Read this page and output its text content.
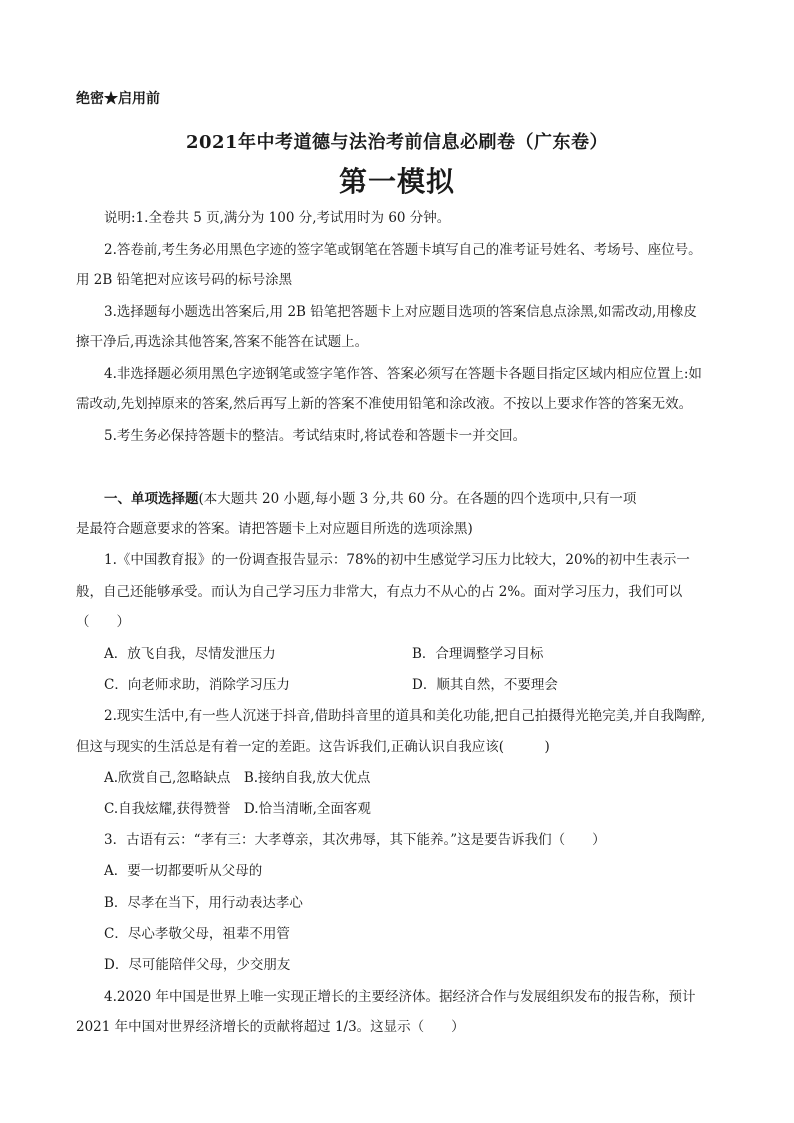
绝密★启用前
2021年中考道德与法治考前信息必刷卷（广东卷）
第一模拟
说明:1.全卷共 5 页,满分为 100 分,考试用时为 60 分钟。
2.答卷前,考生务必用黑色字迹的签字笔或钢笔在答题卡填写自己的准考证号姓名、考场号、座位号。
用 2B 铅笔把对应该号码的标号涂黑
3.选择题每小题选出答案后,用 2B 铅笔把答题卡上对应题目选项的答案信息点涂黑,如需改动,用橡皮
擦干净后,再选涂其他答案,答案不能答在试题上。
4.非选择题必须用黑色字迹钢笔或签字笔作答、答案必须写在答题卡各题目指定区域内相应位置上:如
需改动,先划掉原来的答案,然后再写上新的答案不准使用铅笔和涂改液。不按以上要求作答的答案无效。
5.考生务必保持答题卡的整洁。考试结束时,将试卷和答题卡一并交回。
一、单项选择题(本大题共 20 小题,每小题 3 分,共 60 分。在各题的四个选项中,只有一项
是最符合题意要求的答案。请把答题卡上对应题目所选的选项涂黑)
1.《中国教育报》的一份调查报告显示：78%的初中生感觉学习压力比较大，20%的初中生表示一
般，自己还能够承受。而认为自己学习压力非常大，有点力不从心的占 2%。面对学习压力，我们可以
（　　）
A．放飞自我，尽情发泄压力	B．合理调整学习目标
C．向老师求助，消除学习压力	D．顺其自然，不要理会
2.现实生活中,有一些人沉迷于抖音,借助抖音里的道具和美化功能,把自己拍摄得光艳完美,并自我陶醉,
但这与现实的生活总是有着一定的差距。这告诉我们,正确认识自我应该(　　　)
A.欣赏自己,忽略缺点　B.接纳自我,放大优点
C.自我炫耀,获得赞誉　D.恰当清晰,全面客观
3．古语有云：“孝有三：大孝尊亲，其次弗辱，其下能养。”这是要告诉我们（　　）
A．要一切都要听从父母的
B．尽孝在当下，用行动表达孝心
C．尽心孝敬父母，祖辈不用管
D．尽可能陪伴父母，少交朋友
4.2020 年中国是世界上唯一实现正增长的主要经济体。据经济合作与发展组织发布的报告称，预计
2021 年中国对世界经济增长的贡献将超过 1/3。这显示（　　）
